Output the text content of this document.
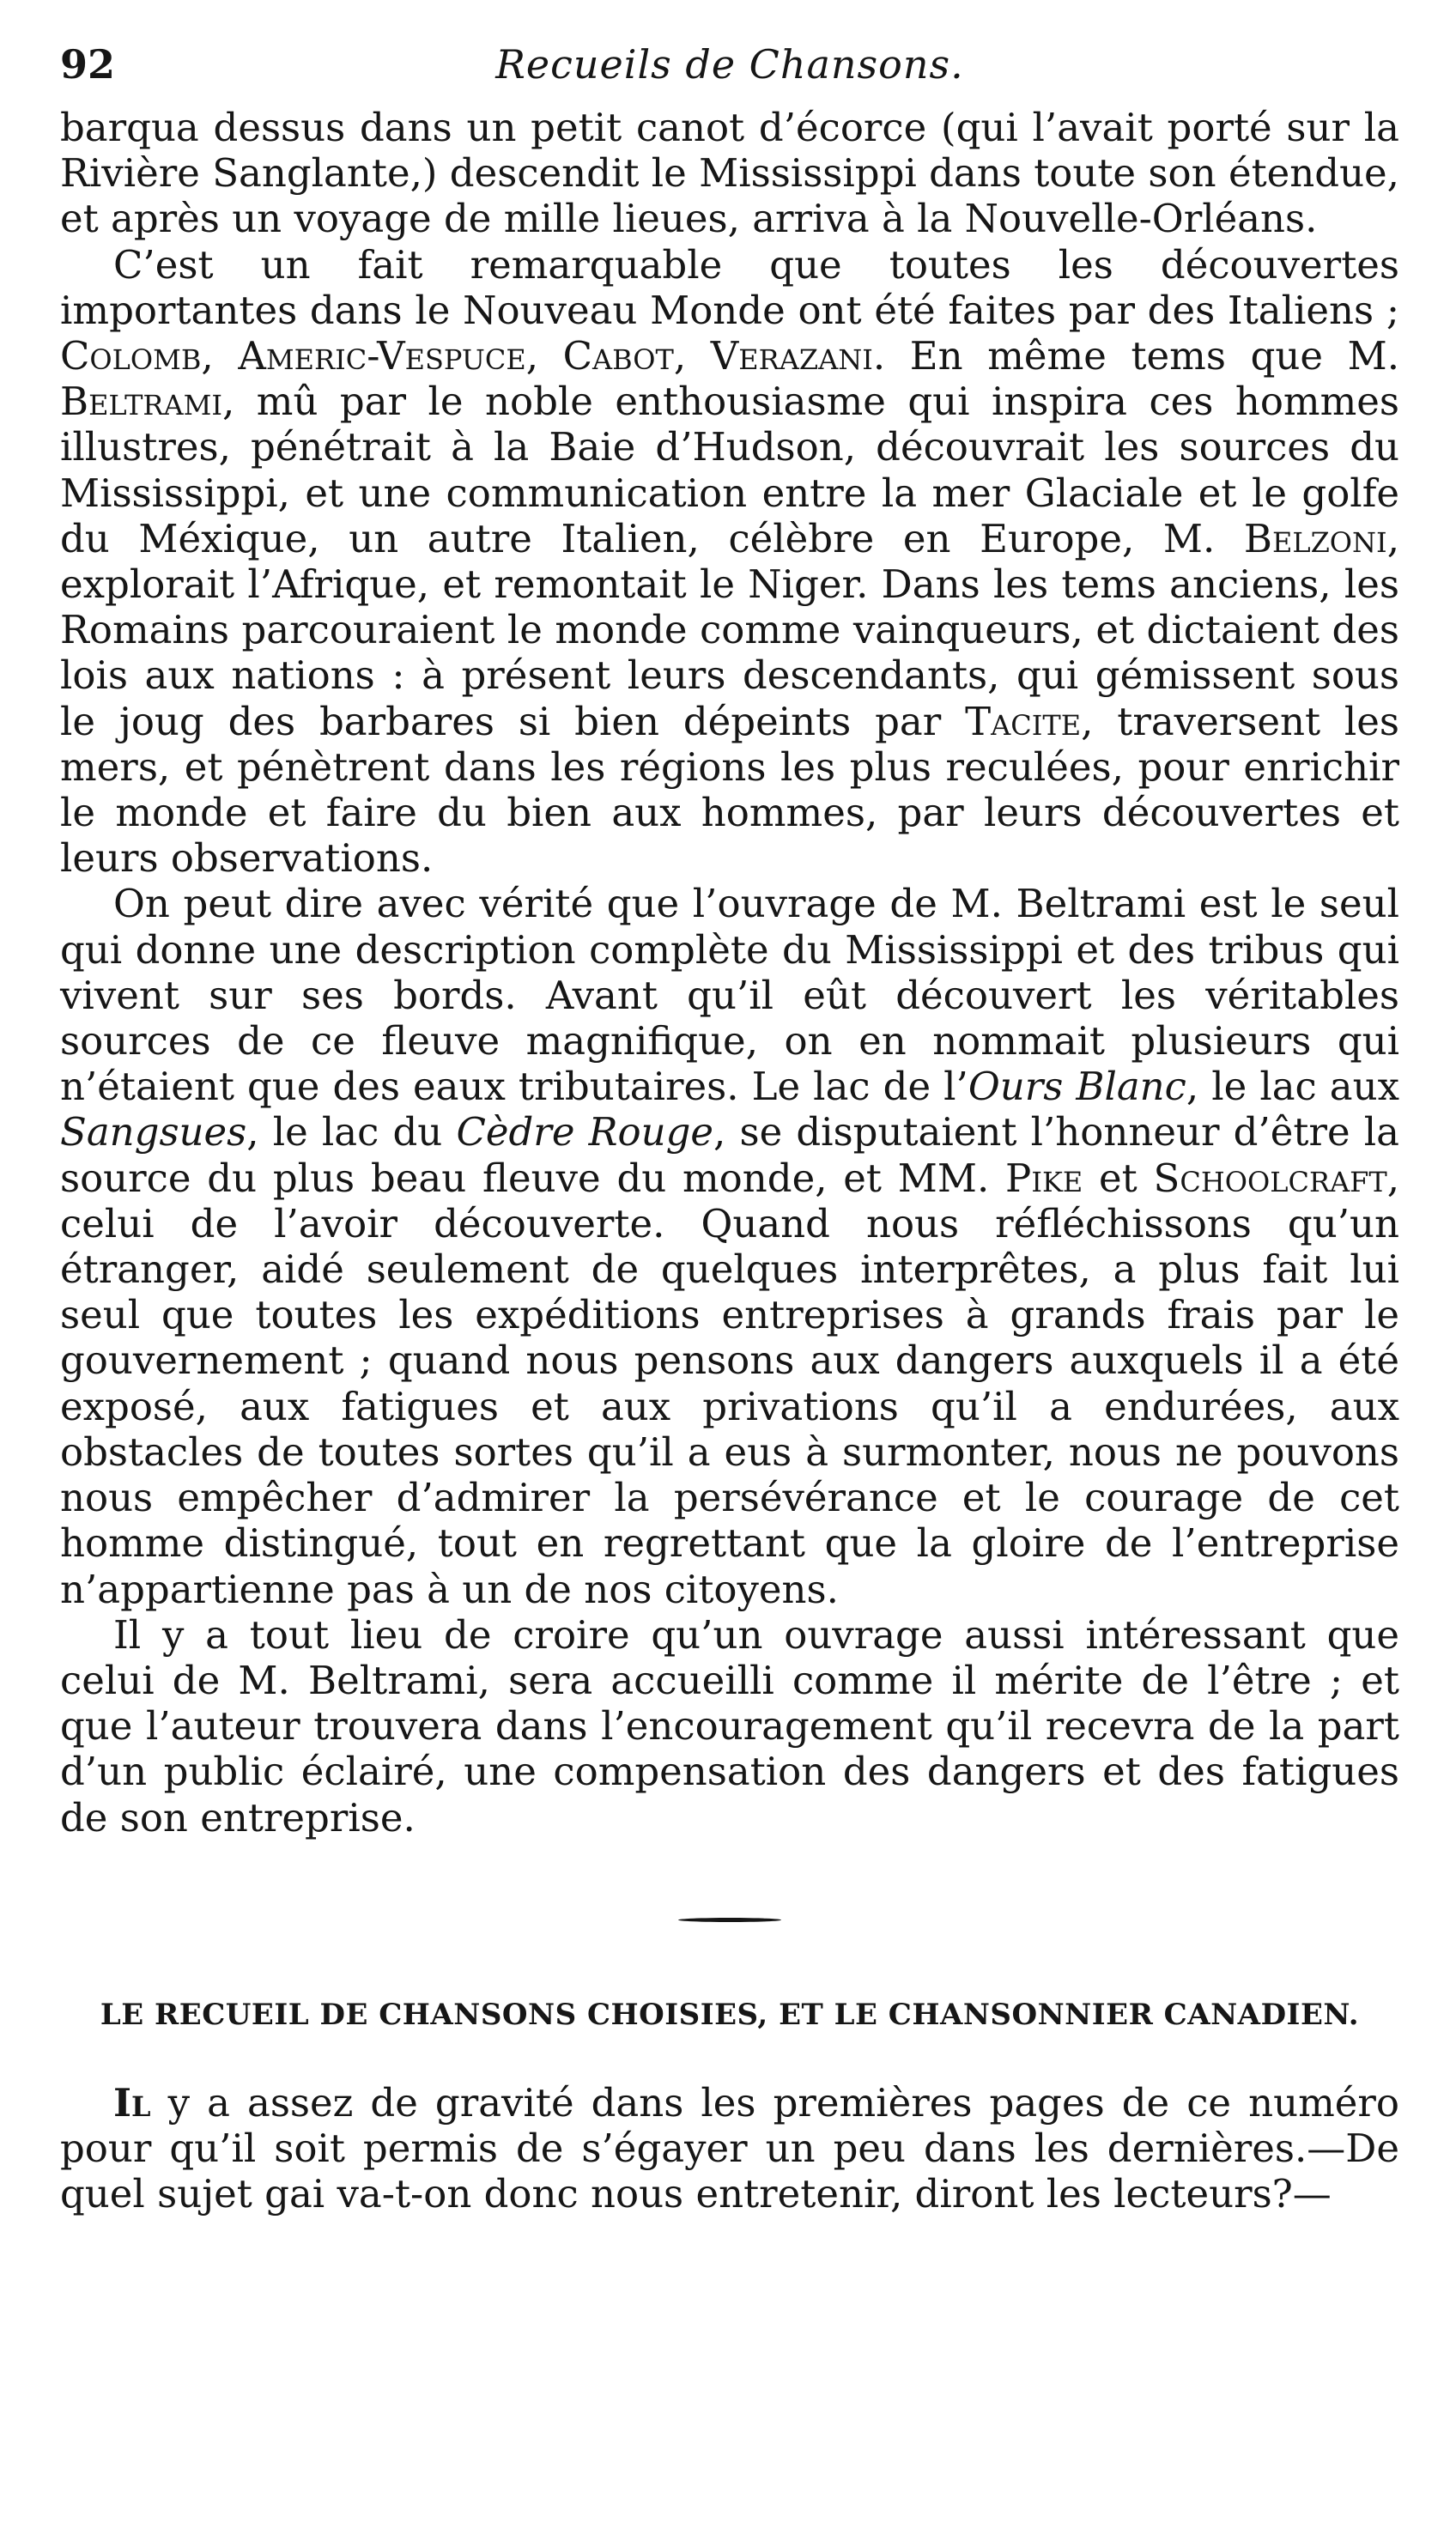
92	Recueils de Chansons.

barqua dessus dans un petit canot d’écorce (qui l’avait porté sur la Rivière Sanglante,) descendit le Mississippi dans toute son étendue, et après un voyage de mille lieues, arriva à la Nouvelle-Orléans.

C’est un fait remarquable que toutes les découvertes importantes dans le Nouveau Monde ont été faites par des Italiens ; Colomb, Americ-Vespuce, Cabot, Verazani. En même tems que M. Beltrami, mû par le noble enthousiasme qui inspira ces hommes illustres, pénétrait à la Baie d’Hudson, découvrait les sources du Mississippi, et une communication entre la mer Glaciale et le golfe du Méxique, un autre Italien, célèbre en Europe, M. Belzoni, explorait l’Afrique, et remontait le Niger. Dans les tems anciens, les Romains parcouraient le monde comme vainqueurs, et dictaient des lois aux nations : à présent leurs descendants, qui gémissent sous le joug des barbares si bien dépeints par Tacite, traversent les mers, et pénètrent dans les régions les plus reculées, pour enrichir le monde et faire du bien aux hommes, par leurs découvertes et leurs observations.

On peut dire avec vérité que l’ouvrage de M. Beltrami est le seul qui donne une description complète du Mississippi et des tribus qui vivent sur ses bords. Avant qu’il eût découvert les véritables sources de ce fleuve magnifique, on en nommait plusieurs qui n’étaient que des eaux tributaires. Le lac de l’Ours Blanc, le lac aux Sangsues, le lac du Cèdre Rouge, se disputaient l’honneur d’être la source du plus beau fleuve du monde, et MM. Pike et Schoolcraft, celui de l’avoir découverte. Quand nous réfléchissons qu’un étranger, aidé seulement de quelques interprêtes, a plus fait lui seul que toutes les expéditions entreprises à grands frais par le gouvernement ; quand nous pensons aux dangers auxquels il a été exposé, aux fatigues et aux privations qu’il a endurées, aux obstacles de toutes sortes qu’il a eus à surmonter, nous ne pouvons nous empêcher d’admirer la persévérance et le courage de cet homme distingué, tout en regrettant que la gloire de l’entreprise n’appartienne pas à un de nos citoyens.

Il y a tout lieu de croire qu’un ouvrage aussi intéressant que celui de M. Beltrami, sera accueilli comme il mérite de l’être ; et que l’auteur trouvera dans l’encouragement qu’il recevra de la part d’un public éclairé, une compensation des dangers et des fatigues de son entreprise.

LE RECUEIL DE CHANSONS CHOISIES, ET LE CHANSONNIER CANADIEN.

Il y a assez de gravité dans les premières pages de ce numéro pour qu’il soit permis de s’égayer un peu dans les dernières.—De quel sujet gai va-t-on donc nous entretenir, diront les lecteurs?—
